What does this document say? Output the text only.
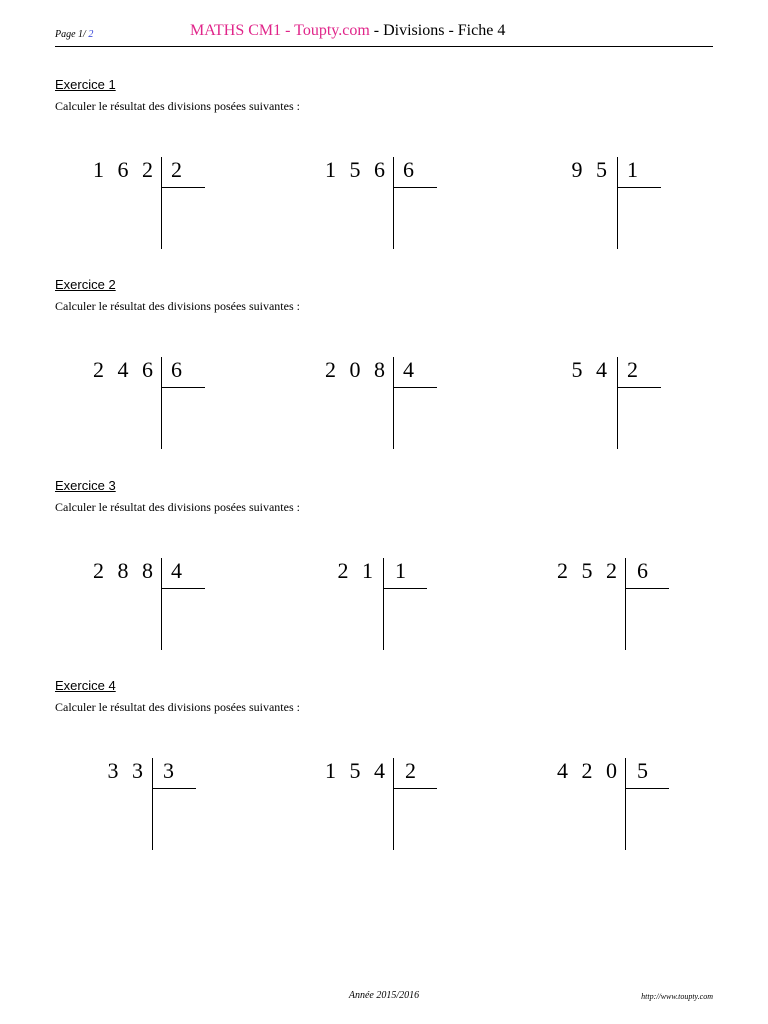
Page 1/ 2	MATHS CM1 - Toupty.com - Divisions - Fiche 4
Exercice 1
Calculer le résultat des divisions posées suivantes :
1 6 2 2	1 5 6 6	9 5 1
Exercice 2
Calculer le résultat des divisions posées suivantes :
2 4 6 6	2 0 8 4	5 4 2
Exercice 3
Calculer le résultat des divisions posées suivantes :
2 8 8 4	2 1 1	2 5 2 6
Exercice 4
Calculer le résultat des divisions posées suivantes :
3 3 3	1 5 4 2	4 2 0 5
Année 2015/2016	http://www.toupty.com
